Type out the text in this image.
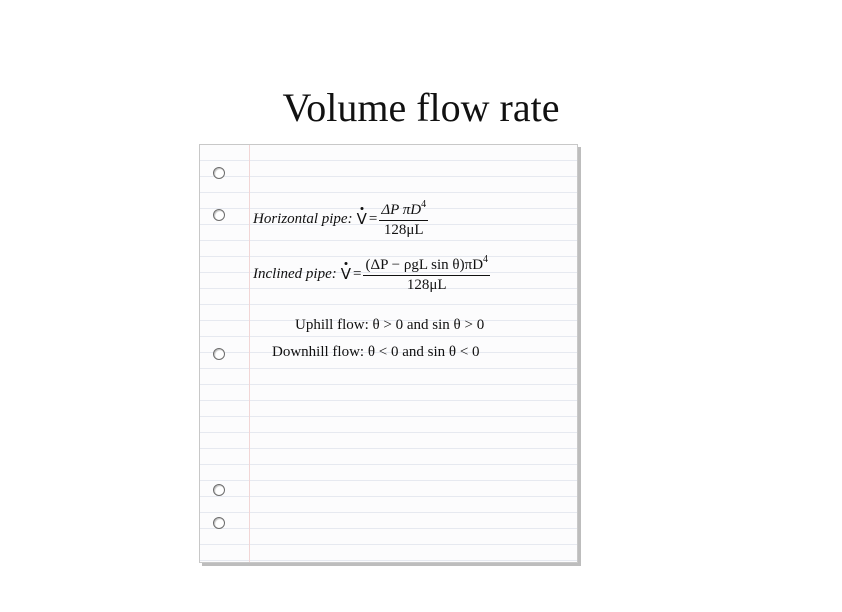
Volume flow rate
Horizontal pipe: $V = \frac{\Delta P \pi D^4}{128\mu L}$
Inclined pipe: $V = \frac{(\Delta P - \rho gL \sin \theta)\pi D^4}{128\mu L}$
Uphill flow: θ > 0 and sin θ > 0
Downhill flow: θ < 0 and sin θ < 0
